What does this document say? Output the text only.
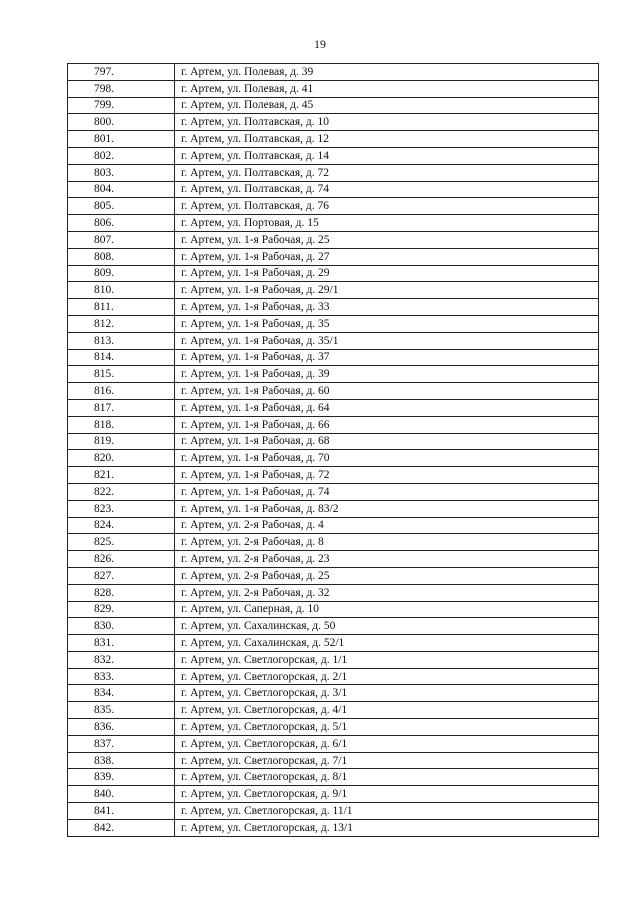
19
797.	г. Артем, ул. Полевая, д. 39
798.	г. Артем, ул. Полевая, д. 41
799.	г. Артем, ул. Полевая, д. 45
800.	г. Артем, ул. Полтавская, д. 10
801.	г. Артем, ул. Полтавская, д. 12
802.	г. Артем, ул. Полтавская, д. 14
803.	г. Артем, ул. Полтавская, д. 72
804.	г. Артем, ул. Полтавская, д. 74
805.	г. Артем, ул. Полтавская, д. 76
806.	г. Артем, ул. Портовая, д. 15
807.	г. Артем, ул. 1-я Рабочая, д. 25
808.	г. Артем, ул. 1-я Рабочая, д. 27
809.	г. Артем, ул. 1-я Рабочая, д. 29
810.	г. Артем, ул. 1-я Рабочая, д. 29/1
811.	г. Артем, ул. 1-я Рабочая, д. 33
812.	г. Артем, ул. 1-я Рабочая, д. 35
813.	г. Артем, ул. 1-я Рабочая, д. 35/1
814.	г. Артем, ул. 1-я Рабочая, д. 37
815.	г. Артем, ул. 1-я Рабочая, д. 39
816.	г. Артем, ул. 1-я Рабочая, д. 60
817.	г. Артем, ул. 1-я Рабочая, д. 64
818.	г. Артем, ул. 1-я Рабочая, д. 66
819.	г. Артем, ул. 1-я Рабочая, д. 68
820.	г. Артем, ул. 1-я Рабочая, д. 70
821.	г. Артем, ул. 1-я Рабочая, д. 72
822.	г. Артем, ул. 1-я Рабочая, д. 74
823.	г. Артем, ул. 1-я Рабочая, д. 83/2
824.	г. Артем, ул. 2-я Рабочая, д. 4
825.	г. Артем, ул. 2-я Рабочая, д. 8
826.	г. Артем, ул. 2-я Рабочая, д. 23
827.	г. Артем, ул. 2-я Рабочая, д. 25
828.	г. Артем, ул. 2-я Рабочая, д. 32
829.	г. Артем, ул. Саперная, д. 10
830.	г. Артем, ул. Сахалинская, д. 50
831.	г. Артем, ул. Сахалинская, д. 52/1
832.	г. Артем, ул. Светлогорская, д. 1/1
833.	г. Артем, ул. Светлогорская, д. 2/1
834.	г. Артем, ул. Светлогорская, д. 3/1
835.	г. Артем, ул. Светлогорская, д. 4/1
836.	г. Артем, ул. Светлогорская, д. 5/1
837.	г. Артем, ул. Светлогорская, д. 6/1
838.	г. Артем, ул. Светлогорская, д. 7/1
839.	г. Артем, ул. Светлогорская, д. 8/1
840.	г. Артем, ул. Светлогорская, д. 9/1
841.	г. Артем, ул. Светлогорская, д. 11/1
842.	г. Артем, ул. Светлогорская, д. 13/1
